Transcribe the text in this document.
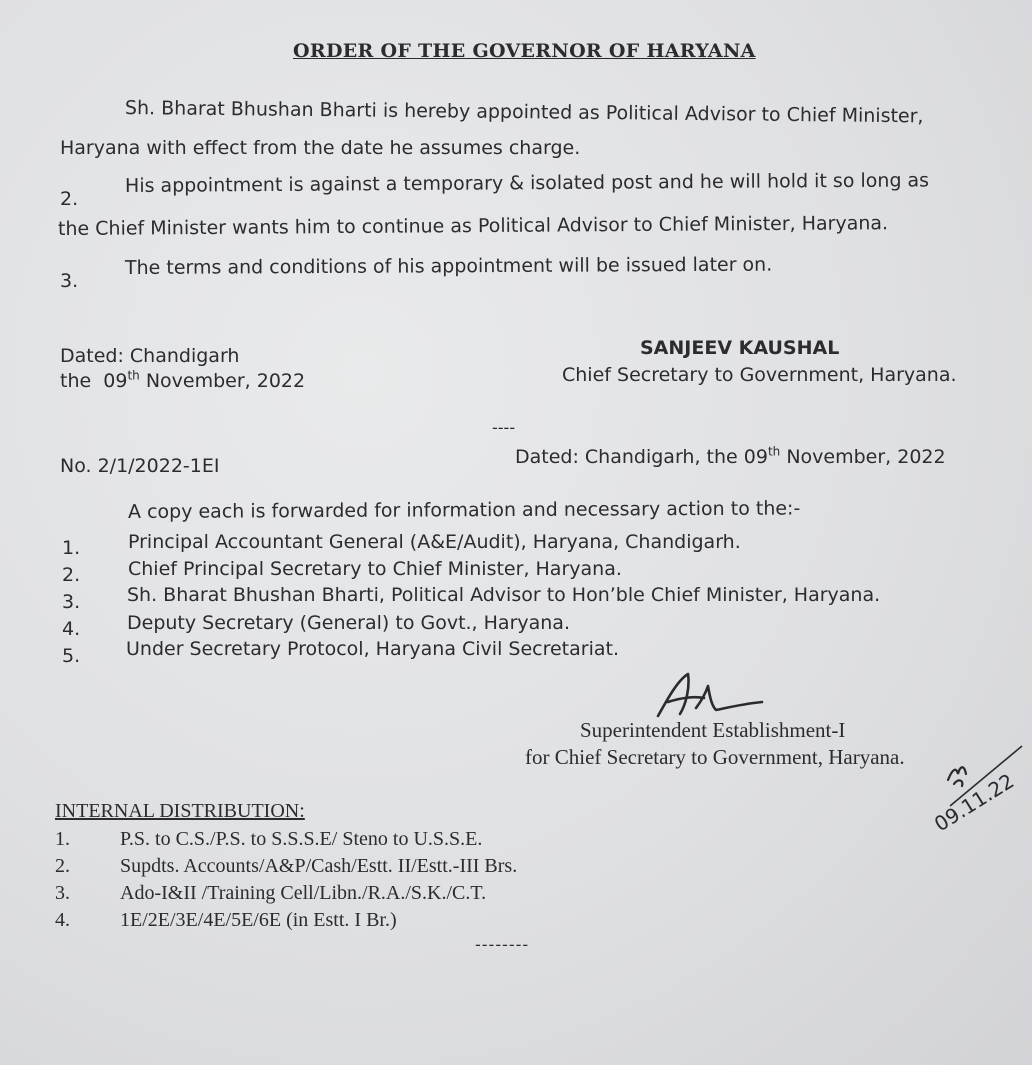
ORDER OF THE GOVERNOR OF HARYANA
Sh. Bharat Bhushan Bharti is hereby appointed as Political Advisor to Chief Minister,
Haryana with effect from the date he assumes charge.
2.
His appointment is against a temporary & isolated post and he will hold it so long as
the Chief Minister wants him to continue as Political Advisor to Chief Minister, Haryana.
3.
The terms and conditions of his appointment will be issued later on.
Dated: Chandigarh
the 09th November, 2022
SANJEEV KAUSHAL
Chief Secretary to Government, Haryana.
----
No. 2/1/2022-1EI	Dated: Chandigarh, the 09th November, 2022
A copy each is forwarded for information and necessary action to the:-
1.	Principal Accountant General (A&E/Audit), Haryana, Chandigarh.
2.	Chief Principal Secretary to Chief Minister, Haryana.
3. Sh. Bharat Bhushan Bharti, Political Advisor to Hon’ble Chief Minister, Haryana.
4. Deputy Secretary (General) to Govt., Haryana.
5. Under Secretary Protocol, Haryana Civil Secretariat.
Superintendent Establishment-I
for Chief Secretary to Government, Haryana.
09.11.22
INTERNAL DISTRIBUTION:
1.	P.S. to C.S./P.S. to S.S.S.E/ Steno to U.S.S.E.
2.	Supdts. Accounts/A&P/Cash/Estt. II/Estt.-III Brs.
3.	Ado-I&II /Training Cell/Libn./R.A./S.K./C.T.
4.	1E/2E/3E/4E/5E/6E (in Estt. I Br.)
--------
